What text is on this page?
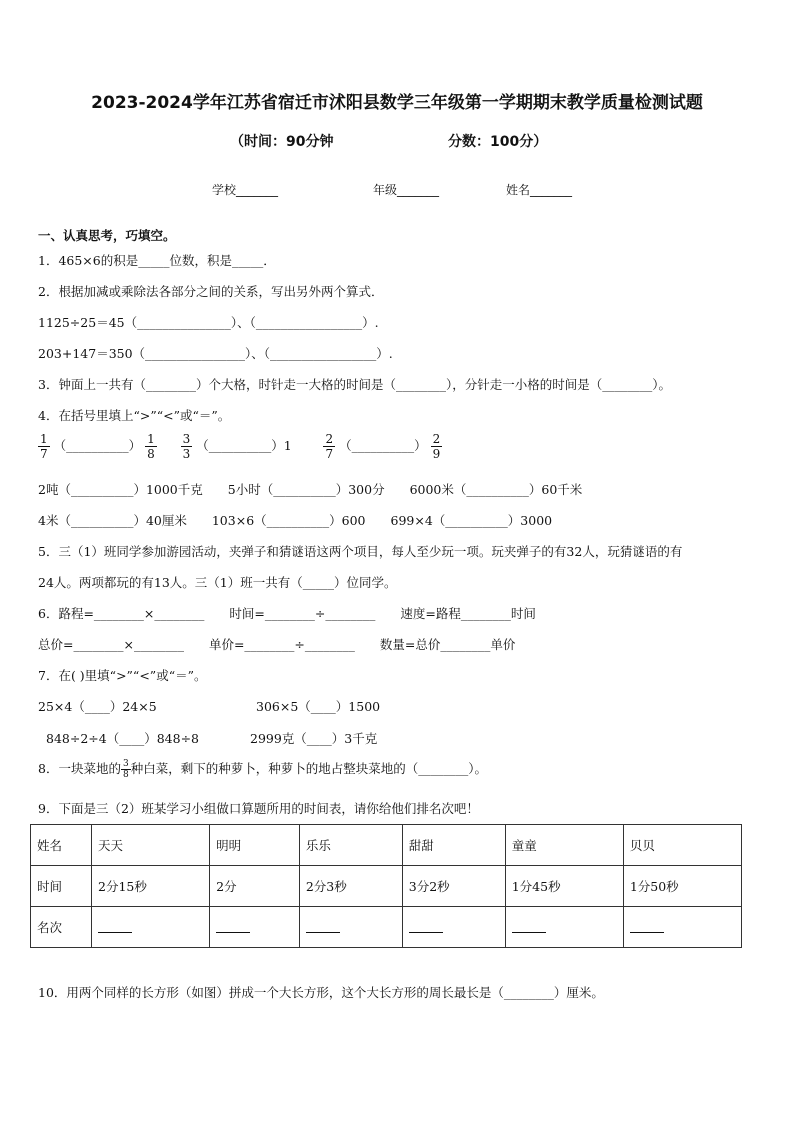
2023-2024学年江苏省宿迁市沭阳县数学三年级第一学期期末教学质量检测试题
（时间：90分钟	分数：100分）
学校_______	年级_______	姓名_______
一、认真思考，巧填空。
1．465×6的积是_____位数，积是_____．
2．根据加减或乘除法各部分之间的关系，写出另外两个算式．
1125÷25＝45（_______________）、（_________________）.
203+147＝350（________________）、（_________________）.
3．钟面上一共有（________）个大格，时针走一大格的时间是（________），分针走一小格的时间是（________）。
4．在括号里填上“>”“<”或“＝”。
$\frac{1}{7}$ （__________） $\frac{1}{8}$
$\frac{3}{3}$ （__________）1	$\frac{2}{7}$ （__________） $\frac{2}{9}$
2吨（__________）1000千克　　5小时（__________）300分　　6000米（__________）60千米
4米（__________）40厘米　　103×6（__________）600　　699×4（__________）3000
5．三（1）班同学参加游园活动，夹弹子和猜谜语这两个项目，每人至少玩一项。玩夹弹子的有32人，玩猜谜语的有
24人。两项都玩的有13人。三（1）班一共有（_____）位同学。
6．路程=________×________　　时间=________÷________　　速度=路程________时间
总价=________×________　　单价=________÷________　　数量=总价________单价
7．在( )里填“>”“<”或“＝”。
25×4（____）24×5	306×5（____）1500
848÷2÷4（____）848÷8	2999克（____）3千克
8．一块菜地的 $\frac{3}{8}$ 种白菜，剩下的种萝卜，种萝卜的地占整块菜地的（________）。
9．下面是三（2）班某学习小组做口算题所用的时间表，请你给他们排名次吧！
姓名	天天	明明	乐乐	甜甜	童童	贝贝
时间	2分15秒	2分	2分3秒	3分2秒	1分45秒	1分50秒
名次						
10．用两个同样的长方形（如图）拼成一个大长方形，这个大长方形的周长最长是（________）厘米。
